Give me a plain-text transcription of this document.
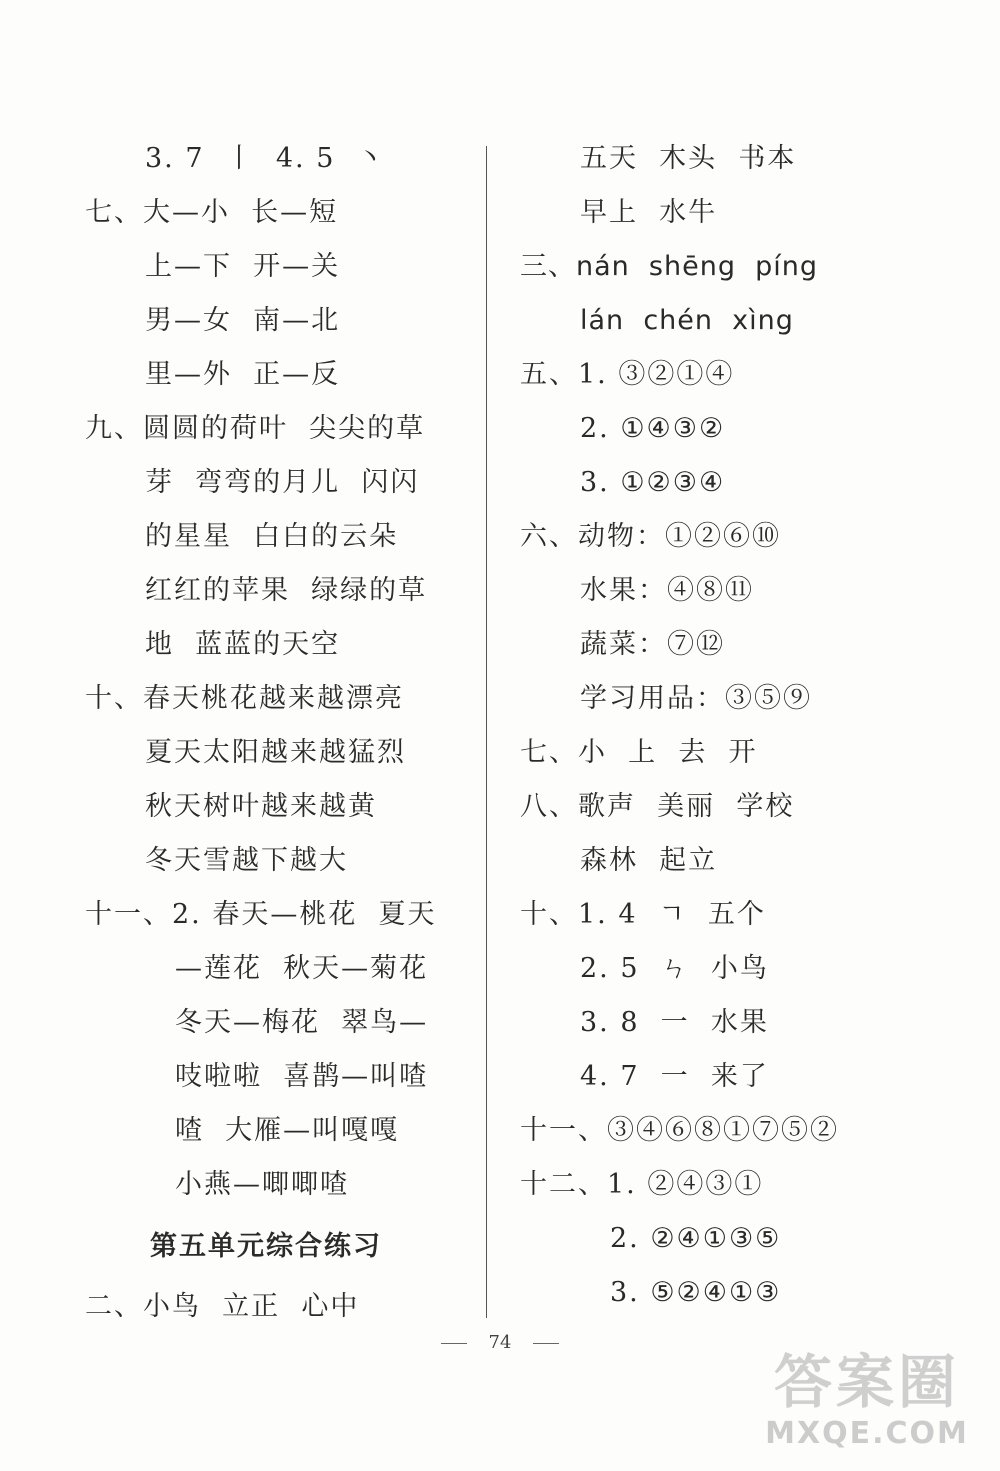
3. 7  丨  4. 5  丶
七、大—小  长—短
上—下  开—关
男—女  南—北
里—外  正—反
九、圆圆的荷叶  尖尖的草
芽  弯弯的月儿  闪闪
的星星  白白的云朵
红红的苹果  绿绿的草
地  蓝蓝的天空
十、春天桃花越来越漂亮
夏天太阳越来越猛烈
秋天树叶越来越黄
冬天雪越下越大
十一、2. 春天—桃花  夏天
—莲花  秋天—菊花
冬天—梅花  翠鸟—
吱啦啦  喜鹊—叫喳
喳  大雁—叫嘎嘎
小燕—唧唧喳
第五单元综合练习
二、小鸟  立正  心中
五天  木头  书本
早上  水牛
三、nán  shēng  píng
lán  chén  xìng
五、1. ③②①④
2. ①④③②
3. ①②③④
六、动物：①②⑥⑩
水果：④⑧⑪
蔬菜：⑦⑫
学习用品：③⑤⑨
七、小  上  去  开
八、歌声  美丽  学校
森林  起立
十、1. 4  ㄱ  五个
2. 5  ㄣ  小鸟
3. 8  一  水果
4. 7  一  来了
十一、③④⑥⑧①⑦⑤②
十二、1. ②④③①
2. ②④①③⑤
3. ⑤②④①③
74
答案圈
MXQE.COM
